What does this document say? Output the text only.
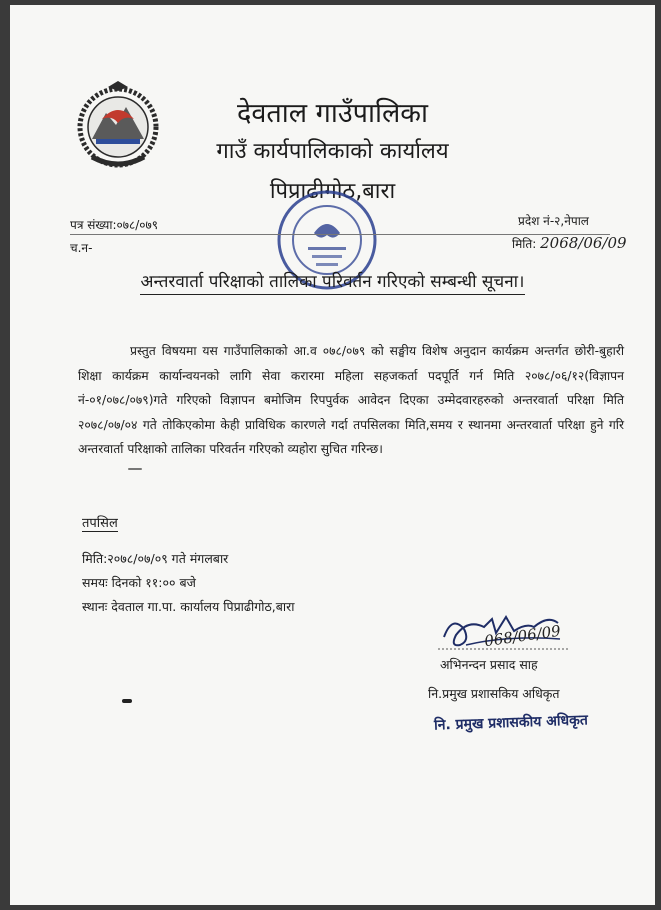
देवताल गाउँपालिका
गाउँ कार्यपालिकाको कार्यालय
पिप्राढीगोठ,बारा
पत्र संख्या:०७८/०७९
च.न-
प्रदेश नं-२,नेपाल
मिति: 2068/06/09
अन्तरवार्ता परिक्षाको तालिका परिवर्तन गरिएको सम्बन्धी सूचना।
प्रस्तुत विषयमा यस गाउँपालिकाको आ.व ०७८/०७९ को सङ्घीय विशेष अनुदान कार्यक्रम अन्तर्गत छोरी-बुहारी शिक्षा कार्यक्रम कार्यान्वयनको लागि सेवा करारमा महिला सहजकर्ता पदपूर्ति गर्न मिति २०७८/०६/१२(विज्ञापन नं-०१/०७८/०७९)गते गरिएको विज्ञापन बमोजिम रिपपुर्वक आवेदन दिएका उम्मेदवारहरुको अन्तरवार्ता परिक्षा मिति २०७८/०७/०४ गते तोकिएकोमा केही प्राविधिक कारणले गर्दा तपसिलका मिति,समय र स्थानमा अन्तरवार्ता परिक्षा हुने गरि अन्तरवार्ता परिक्षाको तालिका परिवर्तन गरिएको व्यहोरा सुचित गरिन्छ।
तपसिल
मिति:२०७८/०७/०९ गते मंगलबार
समयः दिनको ११:०० बजे
स्थानः देवताल गा.पा. कार्यालय पिप्राढीगोठ,बारा
068/06/09
अभिनन्दन प्रसाद साह
नि.प्रमुख प्रशासकिय अधिकृत
नि. प्रमुख प्रशासकीय अधिकृत
